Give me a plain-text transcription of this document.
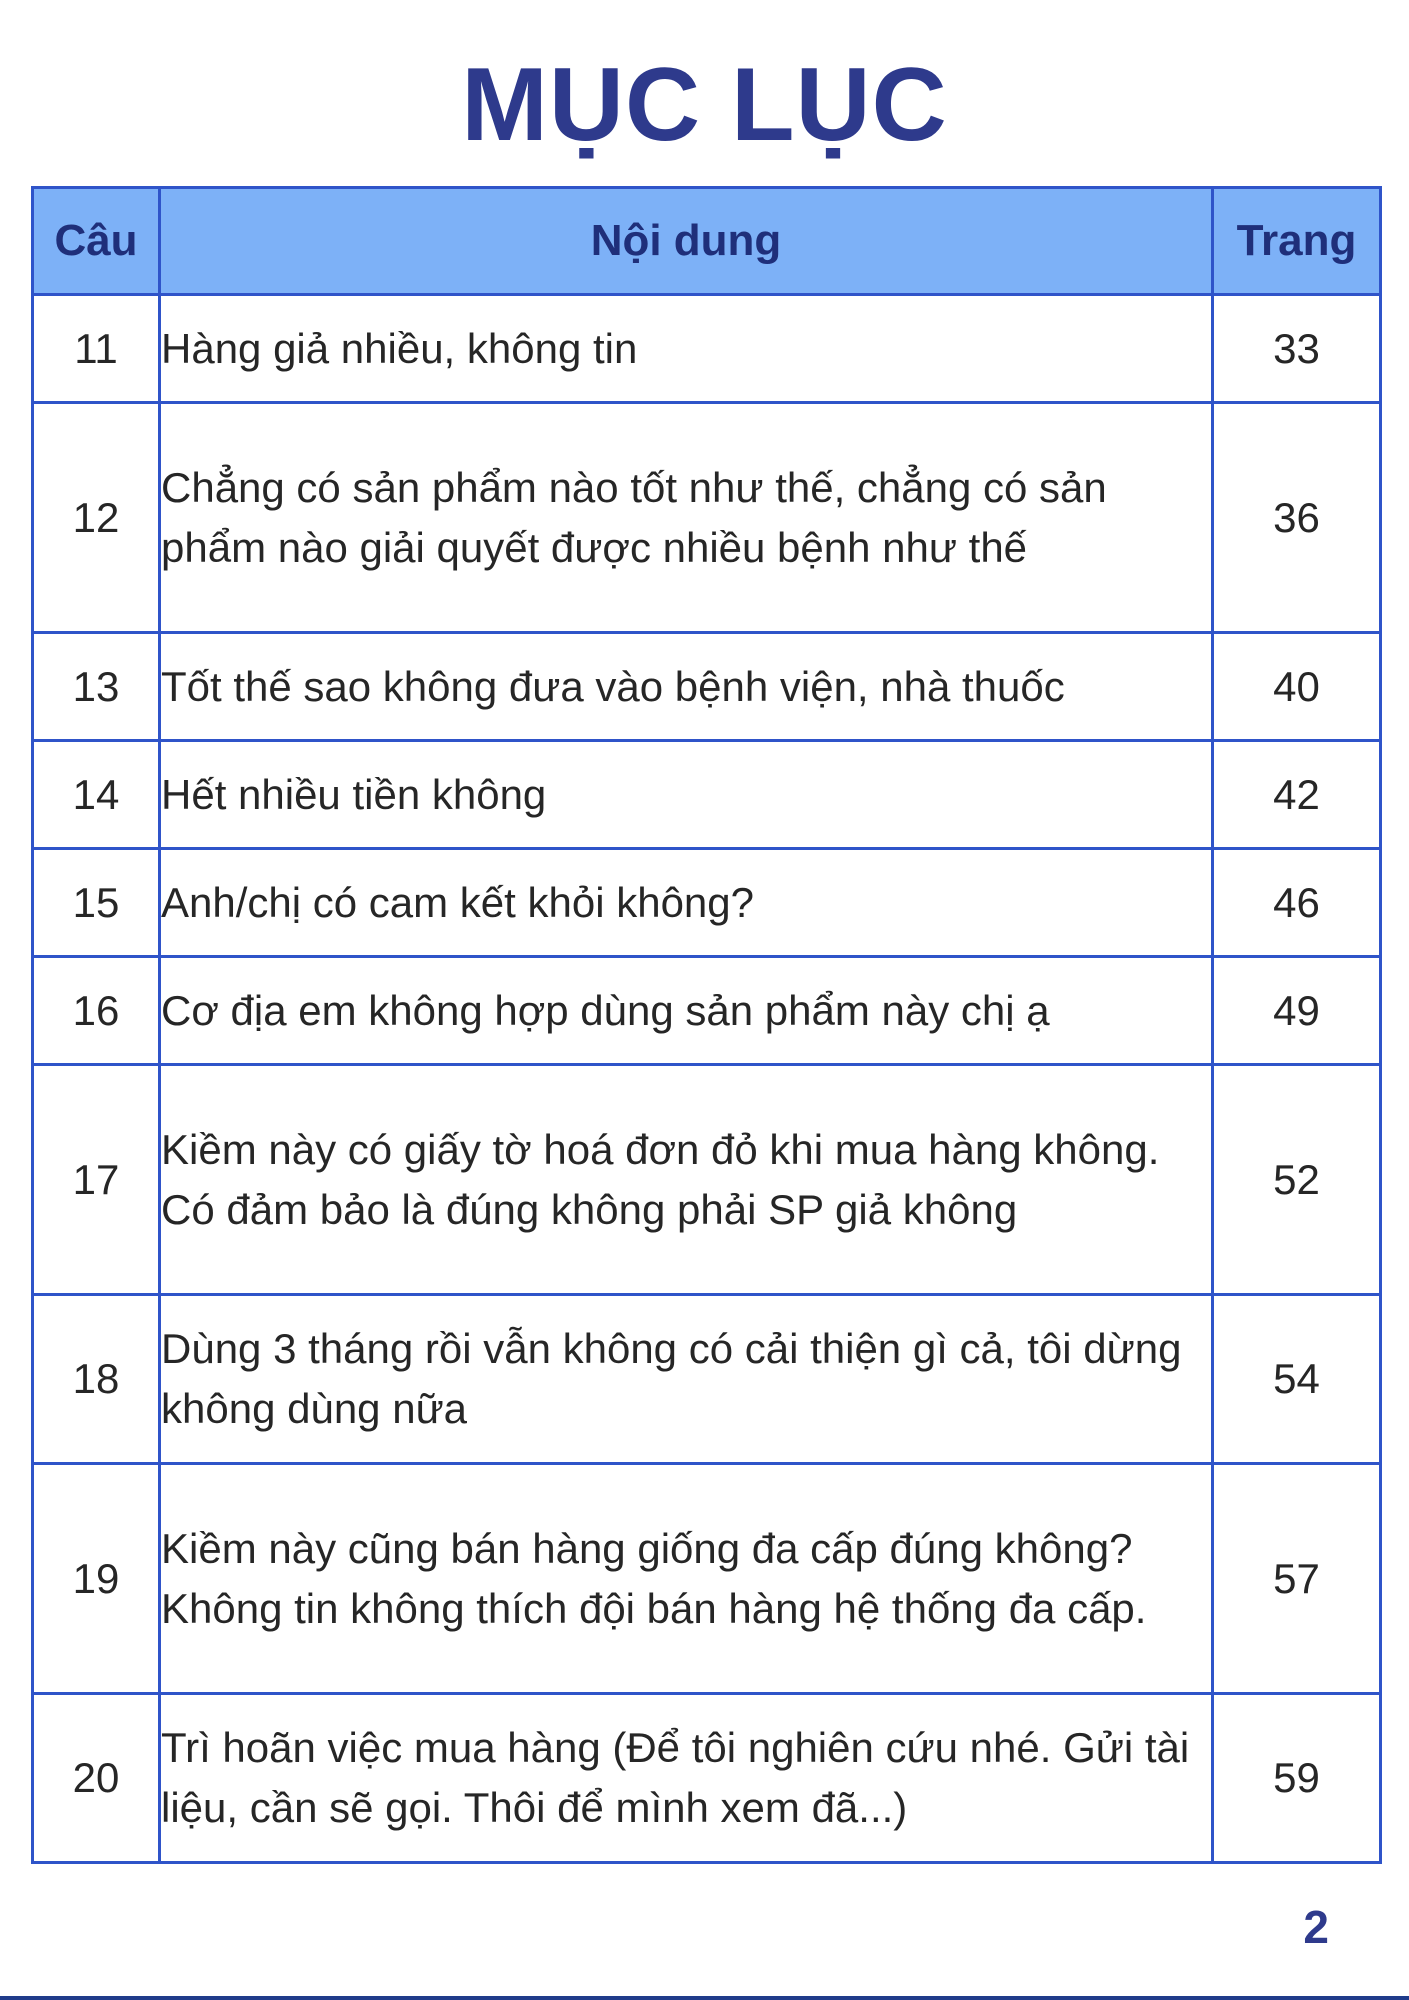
MỤC LỤC
Câu	Nội dung	Trang
11	Hàng giả nhiều, không tin	33
12	Chẳng có sản phẩm nào tốt như thế, chẳng có sản phẩm nào giải quyết được nhiều bệnh như thế	36
13	Tốt thế sao không đưa vào bệnh viện, nhà thuốc	40
14	Hết nhiều tiền không	42
15	Anh/chị có cam kết khỏi không?	46
16	Cơ địa em không hợp dùng sản phẩm này chị ạ	49
17	Kiềm này có giấy tờ hoá đơn đỏ khi mua hàng không. Có đảm bảo là đúng không phải SP giả không	52
18	Dùng 3 tháng rồi vẫn không có cải thiện gì cả, tôi dừng không dùng nữa	54
19	Kiềm này cũng bán hàng giống đa cấp đúng không? Không tin không thích đội bán hàng hệ thống đa cấp.	57
20	Trì hoãn việc mua hàng (Để tôi nghiên cứu nhé. Gửi tài liệu, cần sẽ gọi. Thôi để mình xem đã...)	59
2
